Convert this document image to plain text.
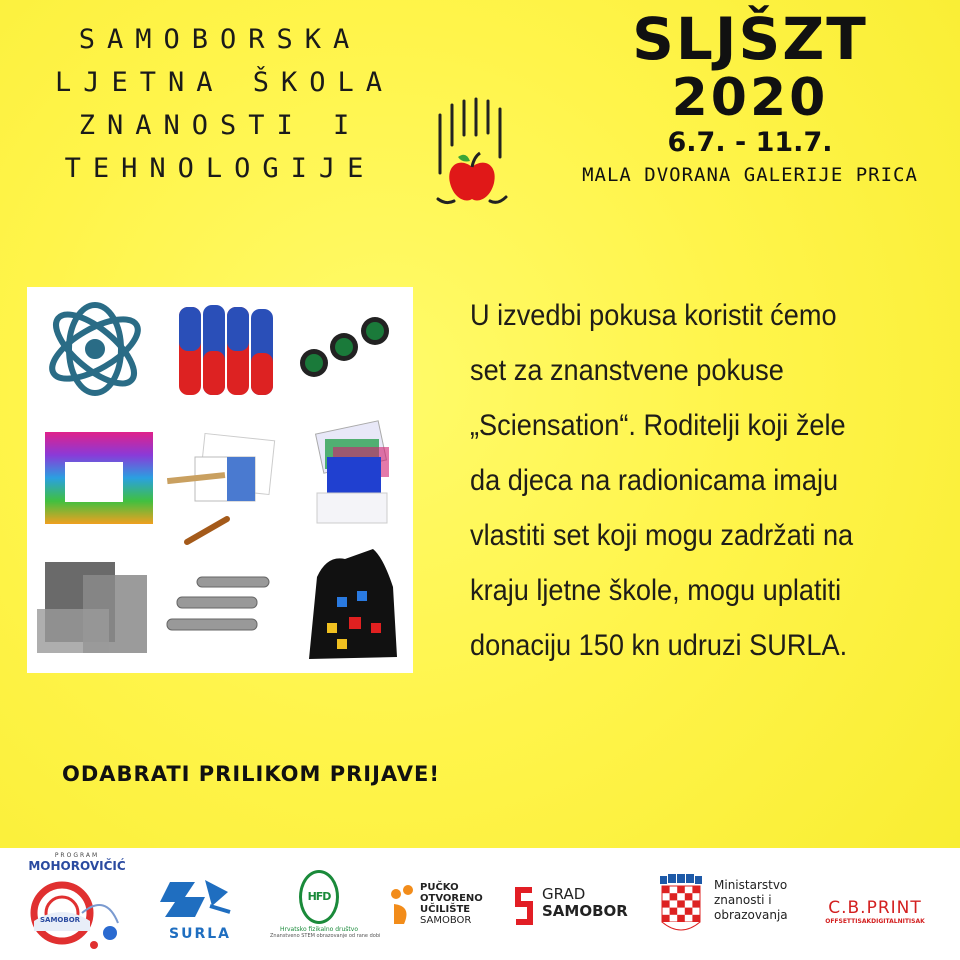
SAMOBORSKA
LJETNA ŠKOLA
ZNANOSTI I
TEHNOLOGIJE
SLJŠZT
2020
6.7. - 11.7.
MALA DVORANA GALERIJE PRICA
U izvedbi pokusa koristit ćemo
set za znanstvene pokuse
„Sciensation“. Roditelji koji žele
da djeca na radionicama imaju
vlastiti set koji mogu zadržati na
kraju ljetne škole, mogu uplatiti
donaciju 150 kn udruzi SURLA.
ODABRATI PRILIKOM PRIJAVE!
PROGRAM
MOHOROVIČIĆ
SAMOBOR
SURLA
HFD
Hrvatsko fizikalno društvo
Znanstveno STEM obrazovanje od rane dobi
PUČKO
OTVORENO
UČILIŠTE
SAMOBOR
GRAD
SAMOBOR
Ministarstvo
znanosti i
obrazovanja	C.B.PRINT
OFFSETTISAKDIGITALNITISAK
